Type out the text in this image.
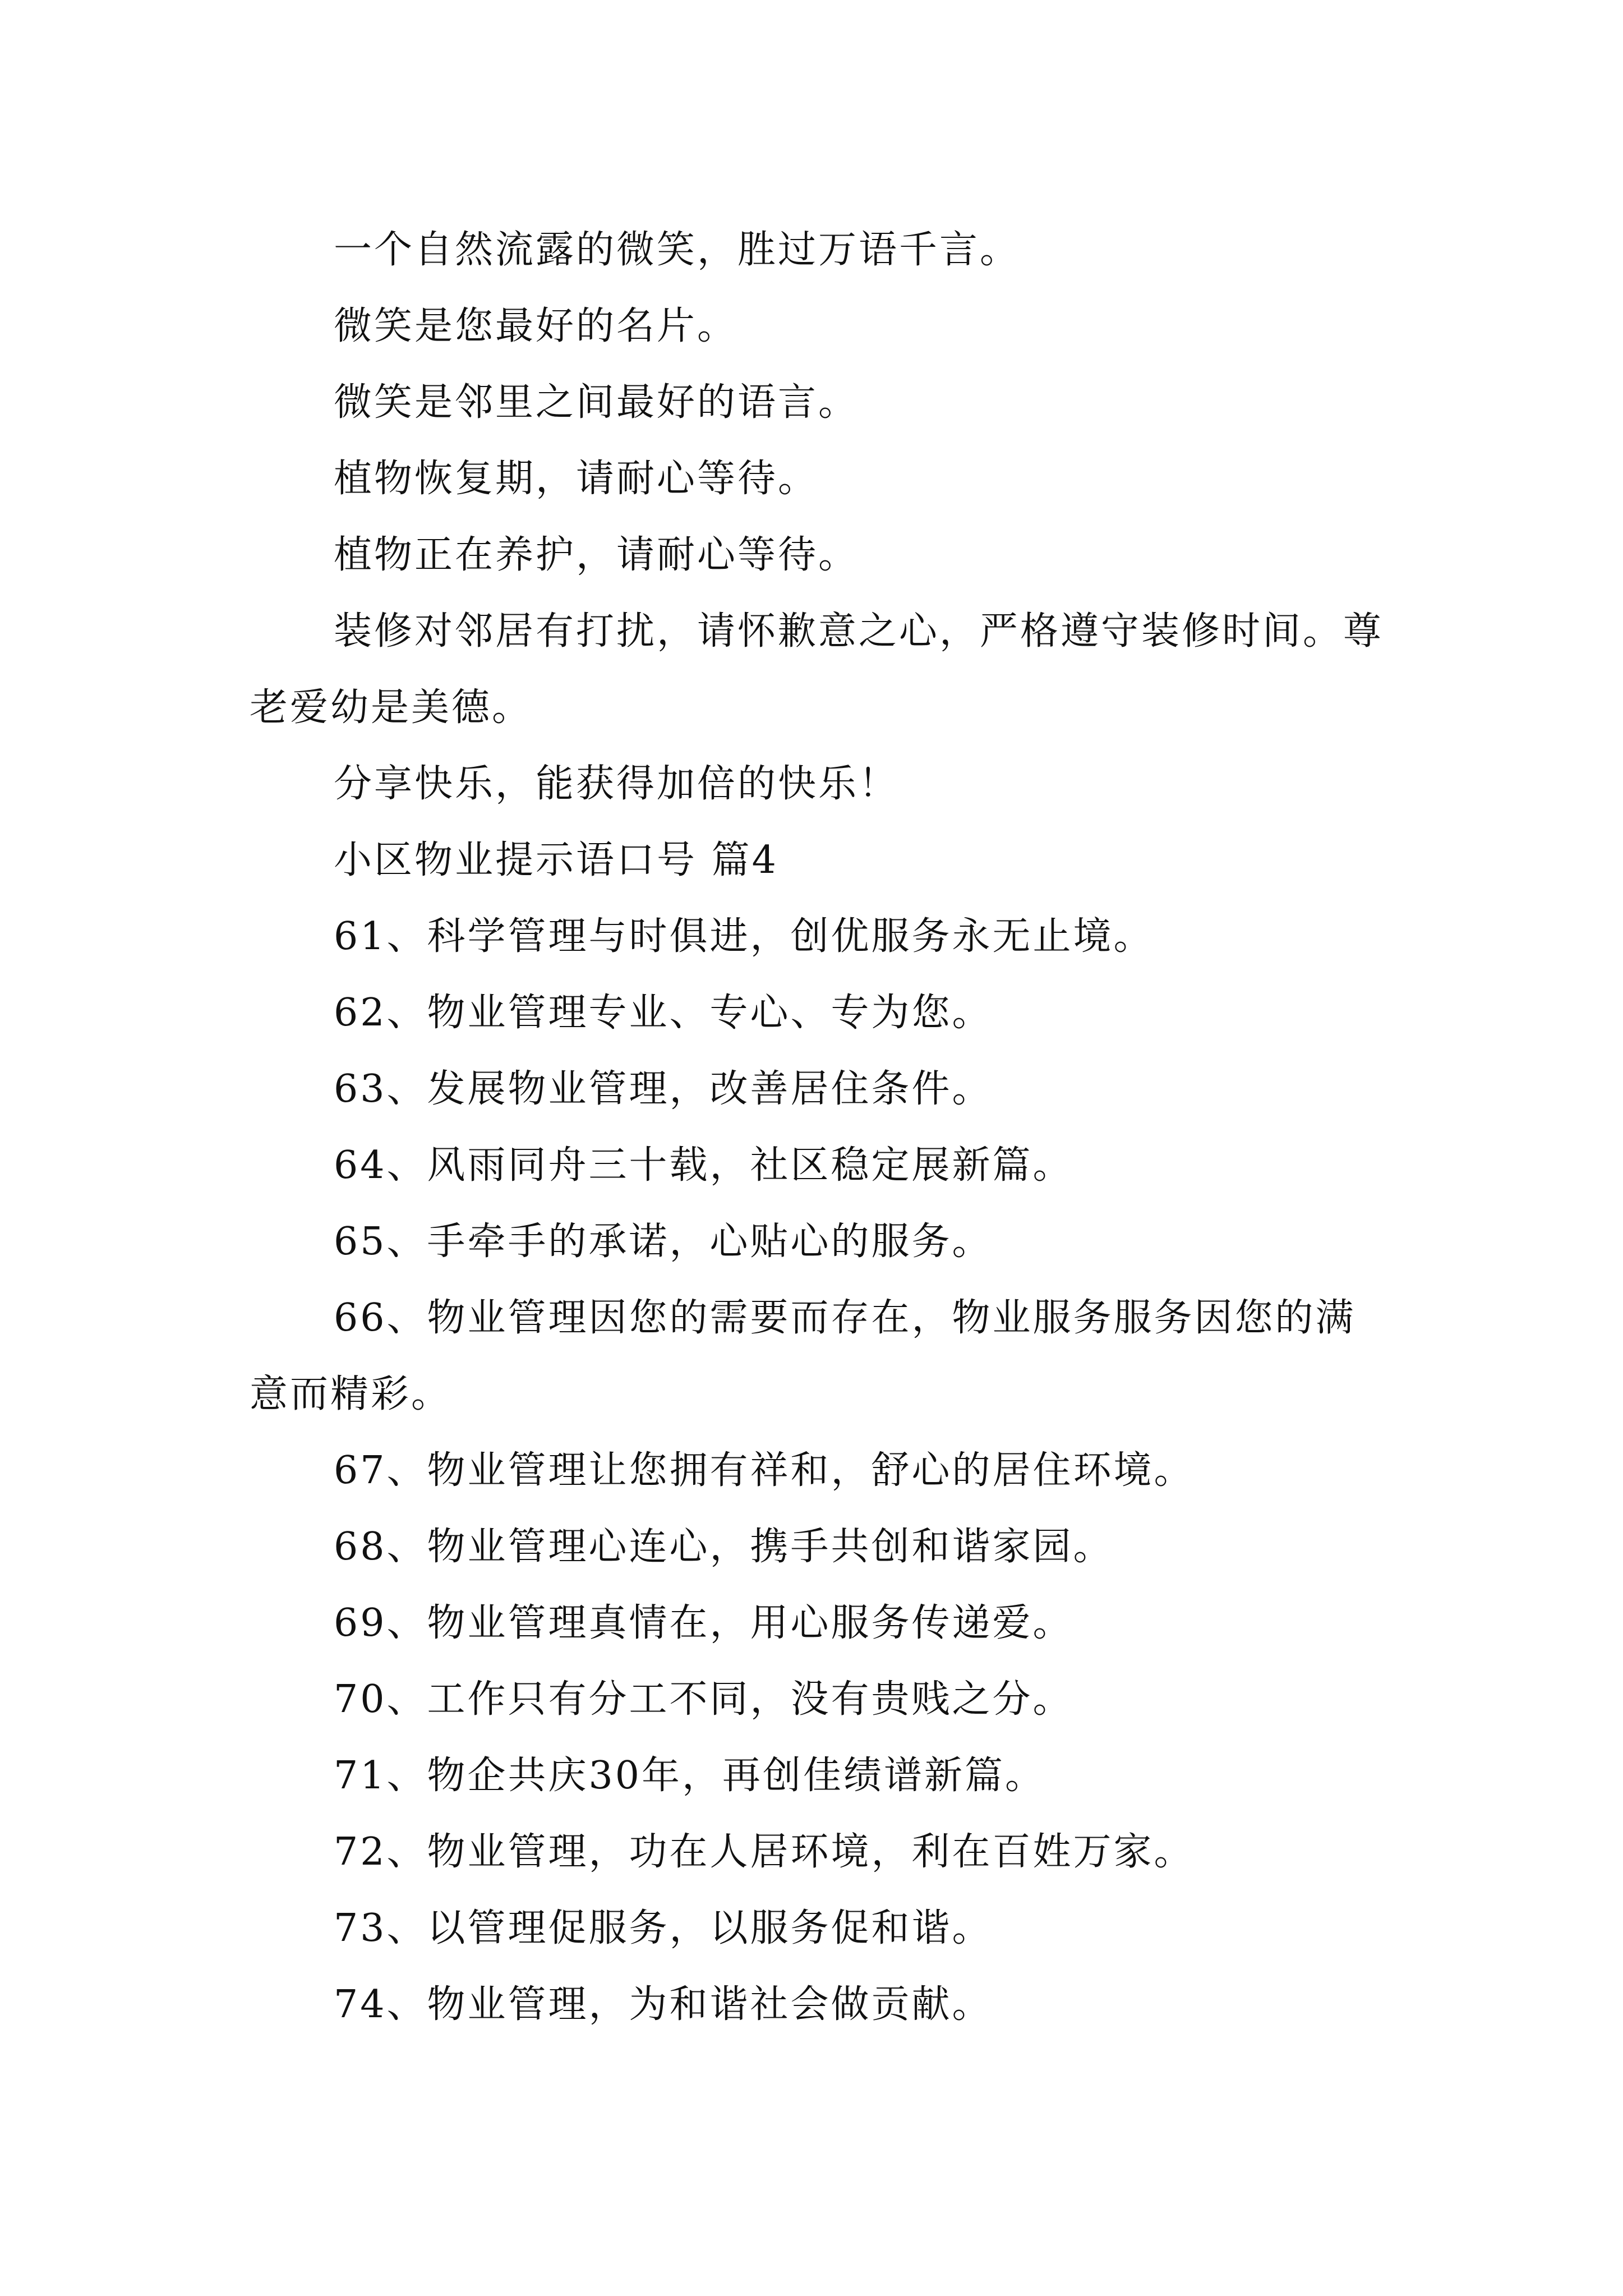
一个自然流露的微笑，胜过万语千言。

微笑是您最好的名片。

微笑是邻里之间最好的语言。

植物恢复期，请耐心等待。

植物正在养护，请耐心等待。

装修对邻居有打扰，请怀歉意之心，严格遵守装修时间。尊老爱幼是美德。

分享快乐，能获得加倍的快乐！

小区物业提示语口号 篇4

61、科学管理与时俱进，创优服务永无止境。

62、物业管理专业、专心、专为您。

63、发展物业管理，改善居住条件。

64、风雨同舟三十载，社区稳定展新篇。

65、手牵手的承诺，心贴心的服务。

66、物业管理因您的需要而存在，物业服务服务因您的满意而精彩。

67、物业管理让您拥有祥和，舒心的居住环境。

68、物业管理心连心，携手共创和谐家园。

69、物业管理真情在，用心服务传递爱。

70、工作只有分工不同，没有贵贱之分。

71、物企共庆30年，再创佳绩谱新篇。

72、物业管理，功在人居环境，利在百姓万家。

73、以管理促服务，以服务促和谐。

74、物业管理，为和谐社会做贡献。
